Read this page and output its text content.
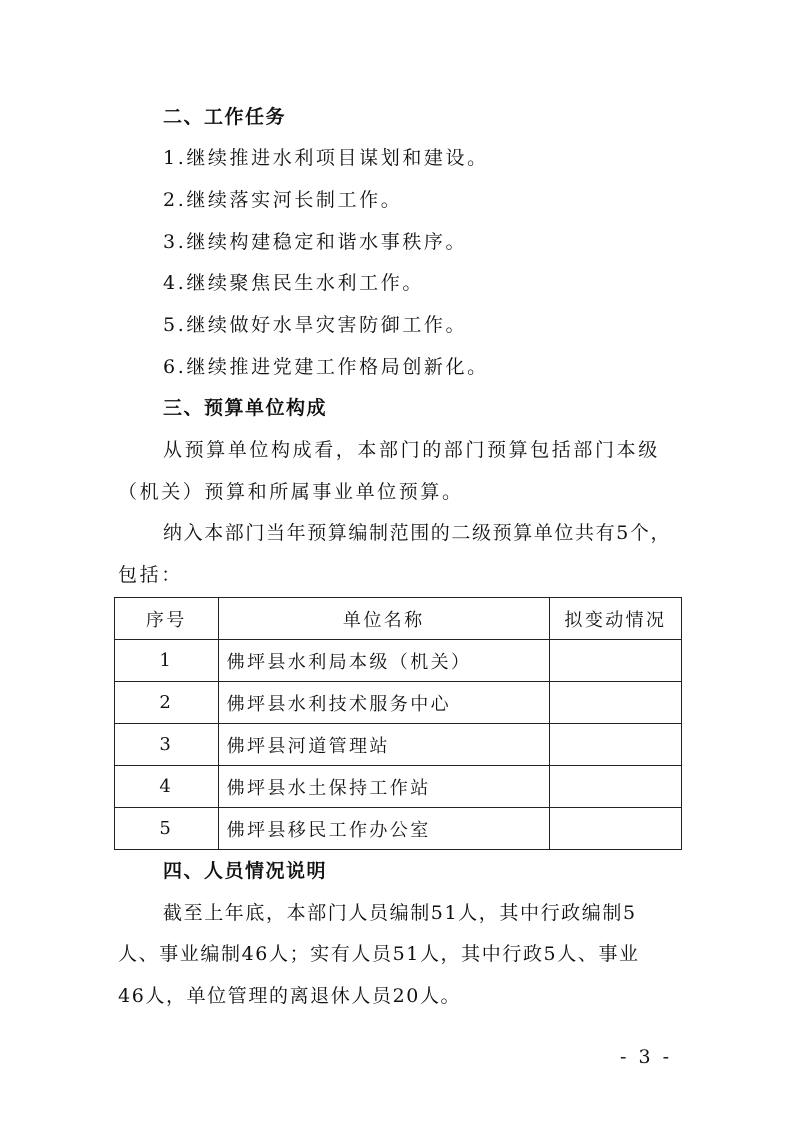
二、工作任务
1.继续推进水利项目谋划和建设。
2.继续落实河长制工作。
3.继续构建稳定和谐水事秩序。
4.继续聚焦民生水利工作。
5.继续做好水旱灾害防御工作。
6.继续推进党建工作格局创新化。
三、预算单位构成
从预算单位构成看，本部门的部门预算包括部门本级
（机关）预算和所属事业单位预算。
纳入本部门当年预算编制范围的二级预算单位共有5个，
包括：
序号	单位名称	拟变动情况
1	佛坪县水利局本级（机关）	
2	佛坪县水利技术服务中心	
3	佛坪县河道管理站	
4	佛坪县水土保持工作站	
5	佛坪县移民工作办公室	
四、人员情况说明
截至上年底，本部门人员编制51人，其中行政编制5
人、事业编制46人；实有人员51人，其中行政5人、事业
46人，单位管理的离退休人员20人。
- 3 -
